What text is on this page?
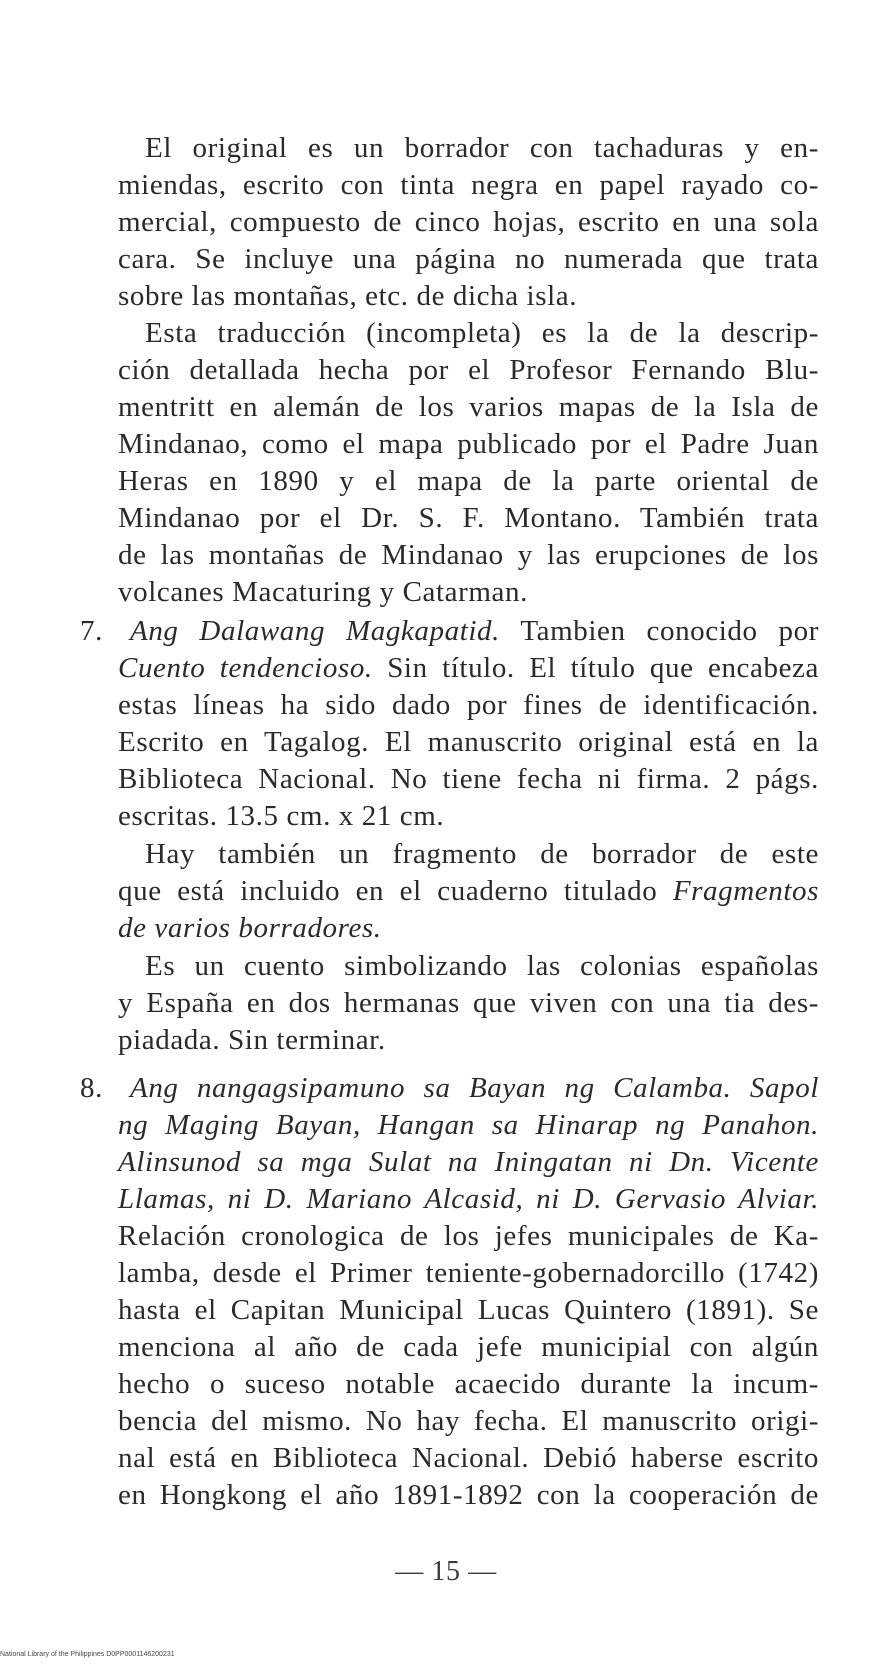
El original es un borrador con tachaduras y en-
miendas, escrito con tinta negra en papel rayado co-
mercial, compuesto de cinco hojas, escrito en una sola
cara. Se incluye una página no numerada que trata
sobre las montañas, etc. de dicha isla.
Esta traducción (incompleta) es la de la descrip-
ción detallada hecha por el Profesor Fernando Blu-
mentritt en alemán de los varios mapas de la Isla de
Mindanao, como el mapa publicado por el Padre Juan
Heras en 1890 y el mapa de la parte oriental de
Mindanao por el Dr. S. F. Montano. También trata
de las montañas de Mindanao y las erupciones de los
volcanes Macaturing y Catarman.
7. Ang Dalawang Magkapatid. Tambien conocido por
Cuento tendencioso. Sin título. El título que encabeza
estas líneas ha sido dado por fines de identificación.
Escrito en Tagalog. El manuscrito original está en la
Biblioteca Nacional. No tiene fecha ni firma. 2 págs.
escritas. 13.5 cm. x 21 cm.
Hay también un fragmento de borrador de este
que está incluido en el cuaderno titulado Fragmentos
de varios borradores.
Es un cuento simbolizando las colonias españolas
y España en dos hermanas que viven con una tia des-
piadada. Sin terminar.
8. Ang nangagsipamuno sa Bayan ng Calamba. Sapol
ng Maging Bayan, Hangan sa Hinarap ng Panahon.
Alinsunod sa mga Sulat na Iningatan ni Dn. Vicente
Llamas, ni D. Mariano Alcasid, ni D. Gervasio Alviar.
Relación cronologica de los jefes municipales de Ka-
lamba, desde el Primer teniente-gobernadorcillo (1742)
hasta el Capitan Municipal Lucas Quintero (1891). Se
menciona al año de cada jefe municipial con algún
hecho o suceso notable acaecido durante la incum-
bencia del mismo. No hay fecha. El manuscrito origi-
nal está en Biblioteca Nacional. Debió haberse escrito
en Hongkong el año 1891-1892 con la cooperación de
— 15 —
National Library of the Philippines D0PP0001146200231
